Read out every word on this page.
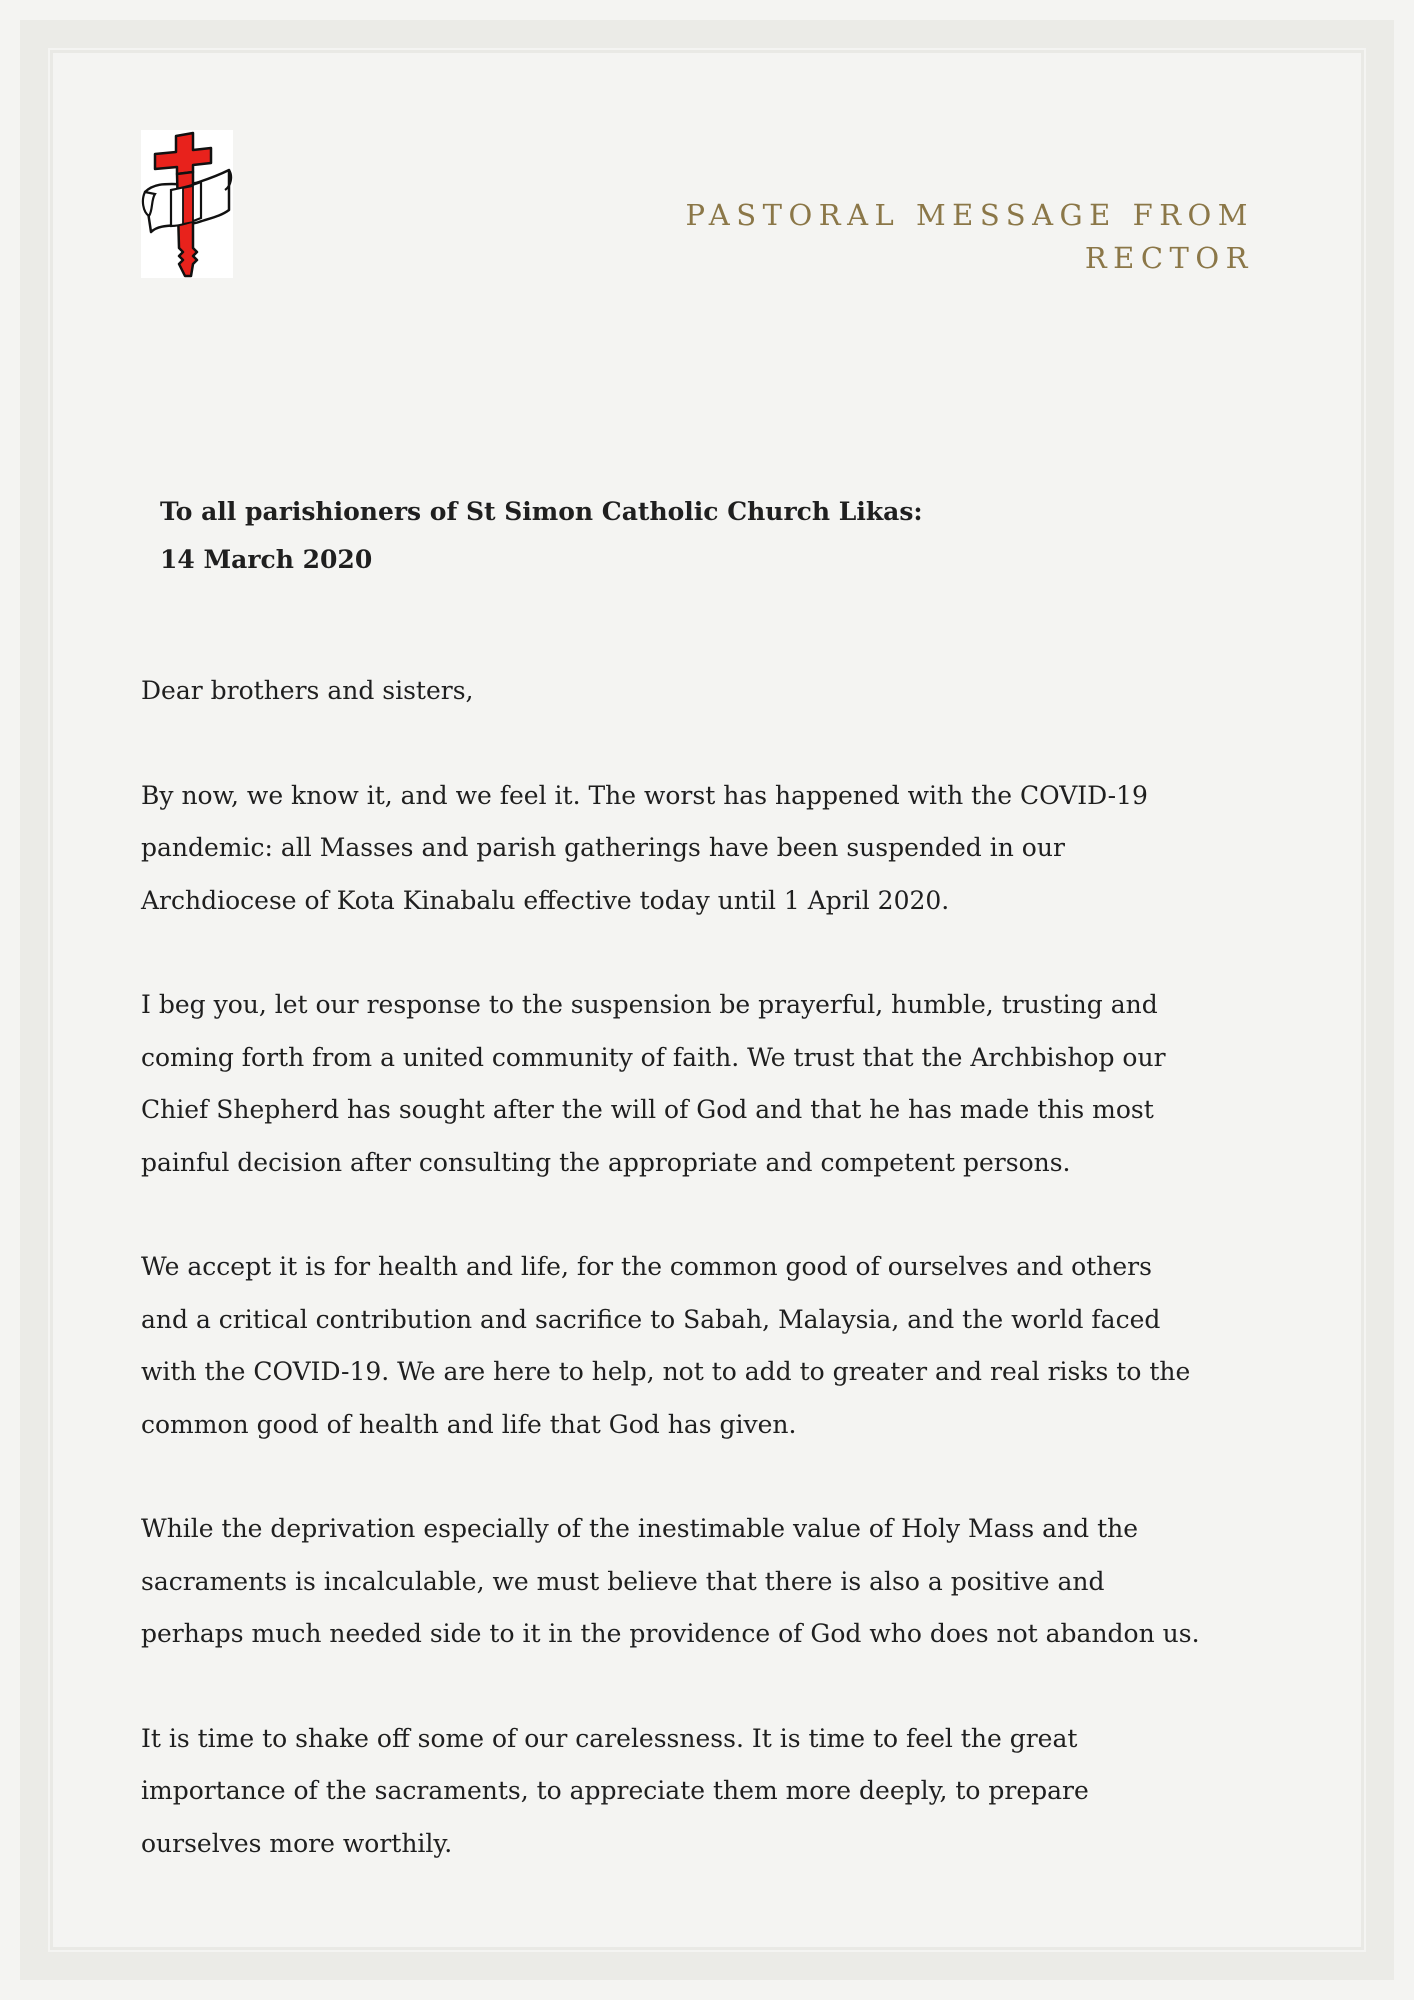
PASTORAL MESSAGE FROM
RECTOR
To all parishioners of St Simon Catholic Church Likas:
14 March 2020

Dear brothers and sisters,

By now, we know it, and we feel it. The worst has happened with the COVID-19
pandemic: all Masses and parish gatherings have been suspended in our
Archdiocese of Kota Kinabalu effective today until 1 April 2020.

I beg you, let our response to the suspension be prayerful, humble, trusting and
coming forth from a united community of faith. We trust that the Archbishop our
Chief Shepherd has sought after the will of God and that he has made this most
painful decision after consulting the appropriate and competent persons.

We accept it is for health and life, for the common good of ourselves and others
and a critical contribution and sacrifice to Sabah, Malaysia, and the world faced
with the COVID-19. We are here to help, not to add to greater and real risks to the
common good of health and life that God has given.

While the deprivation especially of the inestimable value of Holy Mass and the
sacraments is incalculable, we must believe that there is also a positive and
perhaps much needed side to it in the providence of God who does not abandon us.

It is time to shake off some of our carelessness. It is time to feel the great
importance of the sacraments, to appreciate them more deeply, to prepare
ourselves more worthily.
